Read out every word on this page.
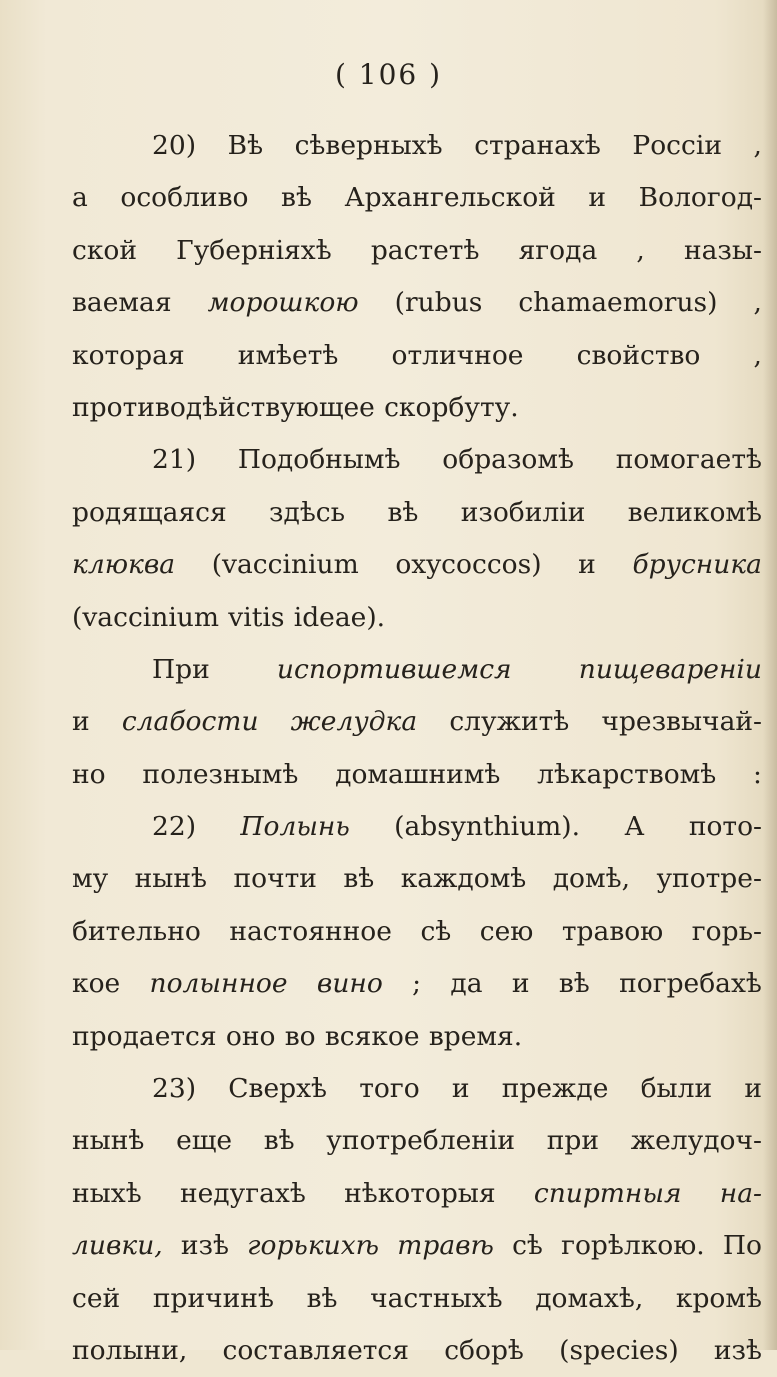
( 106 )
20) Вѣ сѣверныхѣ странахѣ Россіи ,
а особливо вѣ Архангельской и Вологод-
ской Губерніяхѣ растетѣ ягода , назы-
ваемая морошкою (rubus chamaemorus) ,
которая имѣетѣ отличное свойство ,
противодѣйствующее скорбуту.
21) Подобнымѣ образомѣ помогаетѣ
родящаяся здѣсь вѣ изобиліи великомѣ
клюква (vaccinium oxycoccos) и брусника
(vaccinium vitis ideae).
При	испортившемся	пищевареніи
и слабости желудка служитѣ чрезвычай-
но полезнымѣ домашнимѣ лѣкарствомѣ :
22) Полынь (absynthium). А пото-
му нынѣ почти вѣ каждомѣ домѣ, употре-
бительно настоянное сѣ сею травою горь-
кое полынное вино ; да и вѣ погребахѣ
продается оно во всякое время.
23) Сверхѣ того и прежде были и
нынѣ еще вѣ употребленіи при желудоч-
ныхѣ недугахѣ нѣкоторыя спиртныя на-
ливки, изѣ горькихѣ травѣ сѣ горѣлкою. По
сей причинѣ вѣ частныхѣ домахѣ, кромѣ
полыни, составляется сборѣ (species) изѣ
